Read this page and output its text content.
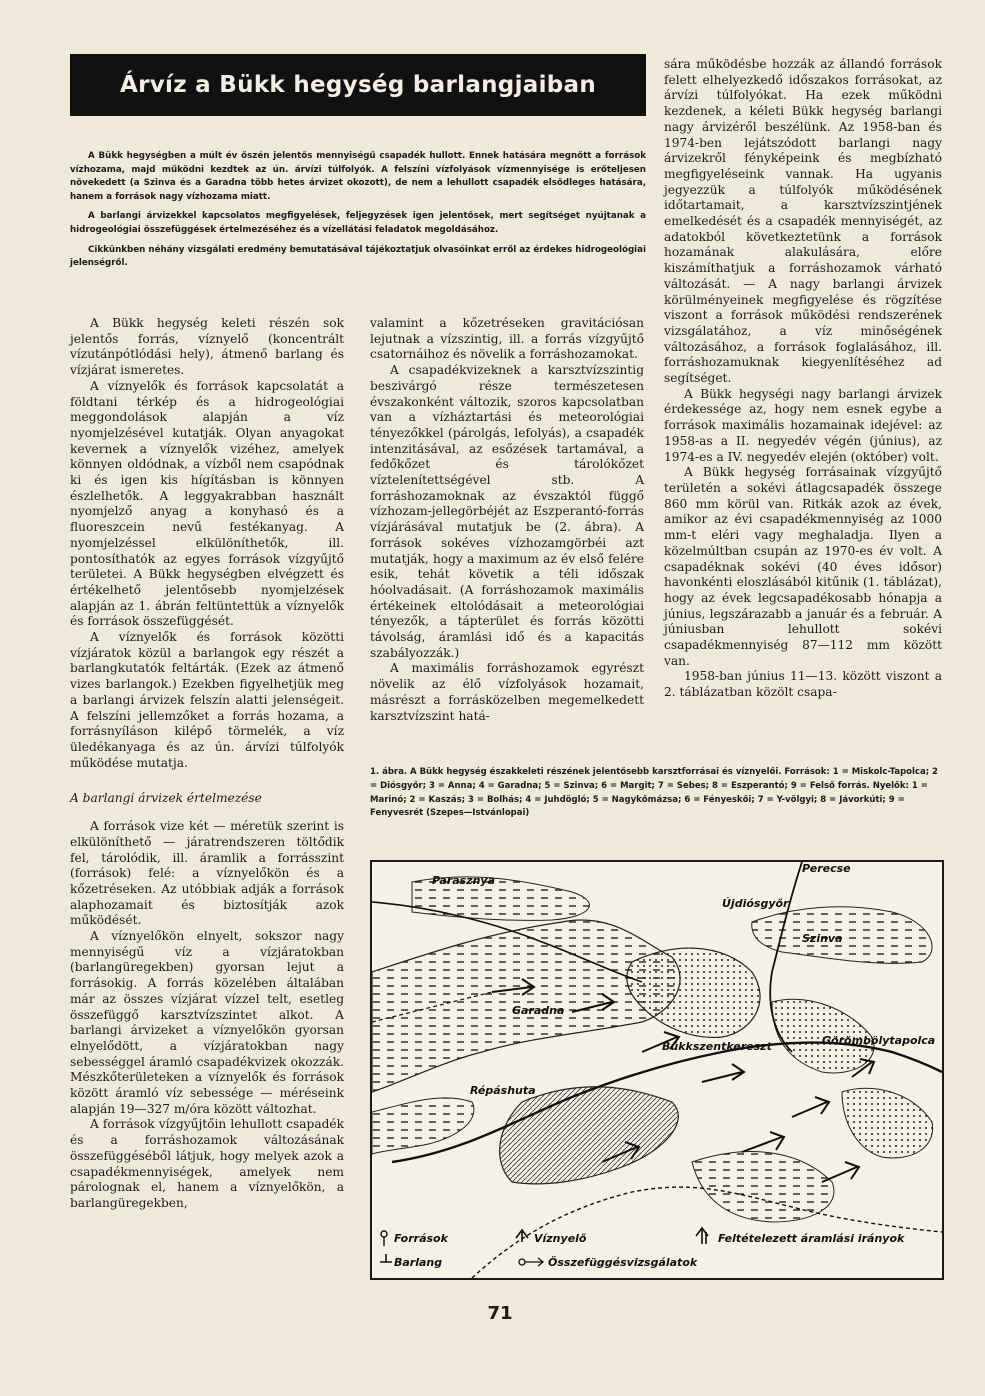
Árvíz a Bükk hegység barlangjaiban

A Bükk hegységben a múlt év őszén jelentős mennyiségű csapadék hullott. Ennek hatására megnőtt a források vízhozama, majd működni kezdtek az ún. árvízi túlfolyók. A felszíni vízfolyások vízmennyisége is erőteljesen növekedett (a Szinva és a Garadna több hetes árvizet okozott), de nem a lehullott csapadék elsődleges hatására, hanem a források nagy vízhozama miatt.

A barlangi árvizekkel kapcsolatos megfigyelések, feljegyzések igen jelentősek, mert segítséget nyújtanak a hidrogeológiai összefüggések értelmezéséhez és a vízellátási feladatok megoldásához.

Cikkünkben néhány vizsgálati eredmény bemutatásával tájékoztatjuk olvasóinkat erről az érdekes hidrogeológiai jelenségről.

A Bükk hegység keleti részén sok jelentős forrás, víznyelő (koncentrált vízutánpótlódási hely), átmenő barlang és vízjárat ismeretes.

A víznyelők és források kapcsolatát a földtani térkép és a hidrogeológiai meggondolások alapján a víz nyomjelzésével kutatják. Olyan anyagokat kevernek a víznyelők vizéhez, amelyek könnyen oldódnak, a vízből nem csapódnak ki és igen kis hígításban is könnyen észlelhetők. A leggyakrabban használt nyomjelző anyag a konyhasó és a fluoreszcein nevű festékanyag. A nyomjelzéssel elkülöníthetők, ill. pontosíthatók az egyes források vízgyűjtő területei. A Bükk hegységben elvégzett és értékelhető jelentősebb nyomjelzések alapján az 1. ábrán feltüntettük a víznyelők és források összefüggését.

A víznyelők és források közötti vízjáratok közül a barlangok egy részét a barlangkutatók feltárták. (Ezek az átmenő vizes barlangok.) Ezekben figyelhetjük meg a barlangi árvizek felszín alatti jelenségeit. A felszíni jellemzőket a forrás hozama, a forrásnyíláson kilépő törmelék, a víz üledékanyaga és az ún. árvízi túlfolyók működése mutatja.

A barlangi árvizek értelmezése

A források vize két — méretük szerint is elkülöníthető — járatrendszeren töltődik fel, tárolódik, ill. áramlik a forrásszint (források) felé: a víznyelőkön és a kőzetréseken. Az utóbbiak adják a források alaphozamait és biztosítják azok működését.

A víznyelőkön elnyelt, sokszor nagy mennyiségű víz a vízjáratokban (barlangüregekben) gyorsan lejut a forrásokig. A forrás közelében általában már az összes vízjárat vízzel telt, esetleg összefüggő karsztvízszintet alkot. A barlangi árvizeket a víznyelőkön gyorsan elnyelődött, a vízjáratokban nagy sebességgel áramló csapadékvizek okozzák. Mészkőterületeken a víznyelők és források között áramló víz sebessége — méréseink alapján 19—327 m/óra között változhat.

A források vízgyűjtőin lehullott csapadék és a forráshozamok változásának összefüggéséből látjuk, hogy melyek azok a csapadékmennyiségek, amelyek nem párolognak el, hanem a víznyelőkön, a barlangüregekben,

valamint a kőzetréseken gravitációsan lejutnak a vízszintig, ill. a forrás vízgyűjtő csatornáihoz és növelik a forráshozamokat.

A csapadékvizeknek a karsztvízszintig beszivárgó része természetesen évszakonként változik, szoros kapcsolatban van a vízháztartási és meteorológiai tényezőkkel (párolgás, lefolyás), a csapadék intenzitásával, az esőzések tartamával, a fedőkőzet és tárolókőzet víztelenítettségével stb. A forráshozamoknak az évszaktól függő vízhozam-jellegörbéjét az Eszperantó-forrás vízjárásával mutatjuk be (2. ábra). A források sokéves vízhozamgörbéi azt mutatják, hogy a maximum az év első felére esik, tehát követik a téli időszak hóolvadásait. (A forráshozamok maximális értékeinek eltolódásait a meteorológiai tényezők, a tápterület és forrás közötti távolság, áramlási idő és a kapacitás szabályozzák.)

A maximális forráshozamok egyrészt növelik az élő vízfolyások hozamait, másrészt a forrásközelben megemelkedett karsztvízszint hatá-

sára működésbe hozzák az állandó források felett elhelyezkedő időszakos forrásokat, az árvízi túlfolyókat. Ha ezek működni kezdenek, a kéleti Bükk hegység barlangi nagy árvizéről beszélünk. Az 1958-ban és 1974-ben lejátszódott barlangi nagy árvizekről fényképeink és megbízható megfigyeléseink vannak. Ha ugyanis jegyezzük a túlfolyók működésének időtartamait, a karsztvízszintjének emelkedését és a csapadék mennyiségét, az adatokból következtetünk a források hozamának alakulására, előre kiszámíthatjuk a forráshozamok várható változását. — A nagy barlangi árvizek körülményeinek megfigyelése és rögzítése viszont a források működési rendszerének vizsgálatához, a víz minőségének változásához, a források foglalásához, ill. forráshozamuknak kiegyenlítéséhez ad segítséget.

A Bükk hegységi nagy barlangi árvizek érdekessége az, hogy nem esnek egybe a források maximális hozamainak idejével: az 1958-as a II. negyedév végén (június), az 1974-es a IV. negyedév elején (október) volt.

A Bükk hegység forrásainak vízgyűjtő területén a sokévi átlagcsapadék összege 860 mm körül van. Ritkák azok az évek, amikor az évi csapadékmennyiség az 1000 mm-t eléri vagy meghaladja. Ilyen a közelmúltban csupán az 1970-es év volt. A csapadéknak sokévi (40 éves idősor) havonkénti eloszlásából kitűnik (1. táblázat), hogy az évek legcsapadékosabb hónapja a június, legszárazabb a január és a február. A júniusban lehullott sokévi csapadékmennyiség 87—112 mm között van.

1958-ban június 11—13. között viszont a 2. táblázatban közölt csapa-

1. ábra. A Bükk hegység északkeleti részének jelentősebb karsztforrásai és víznyelői. Források: 1 = Miskolc-Tapolca; 2 = Diósgyőr; 3 = Anna; 4 = Garadna; 5 = Szinva; 6 = Margit; 7 = Sebes; 8 = Eszperantó; 9 = Felső forrás. Nyelők: 1 = Marinó; 2 = Kaszás; 3 = Bolhás; 4 = Juhdögló; 5 = Nagykőmázsa; 6 = Fényeskői; 7 = Y-völgyi; 8 = Jávorkúti; 9 = Fenyvesrét (Szepes—Istvánlopai)
Parasznya
Perecse
Újdiósgyőr
Szinva
Bükkszentkereszt
Garadna
Répáshuta
Görömbölytapolca
Források
Barlang
Víznyelő
Összefüggésvizsgálatok
Feltételezett áramlási irányok
71
